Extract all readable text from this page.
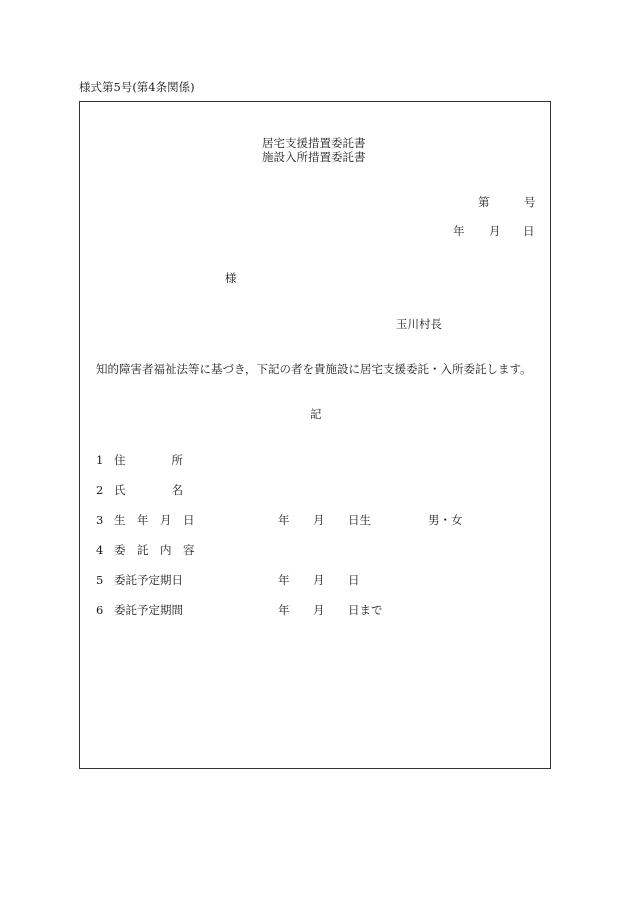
様式第5号(第4条関係)
居宅支援措置委託書
施設入所措置委託書
第	号
年 月 日
様
玉川村長
知的障害者福祉法等に基づき，下記の者を貴施設に居宅支援委託・入所委託します。
記
1 住　　　　所
2 氏　　　　名
3 生　年　月　日	年 月 日生	男・女
4 委　託　内　容
5 委託予定期日	年 月 日
6 委託予定期間	年 月 日まで
